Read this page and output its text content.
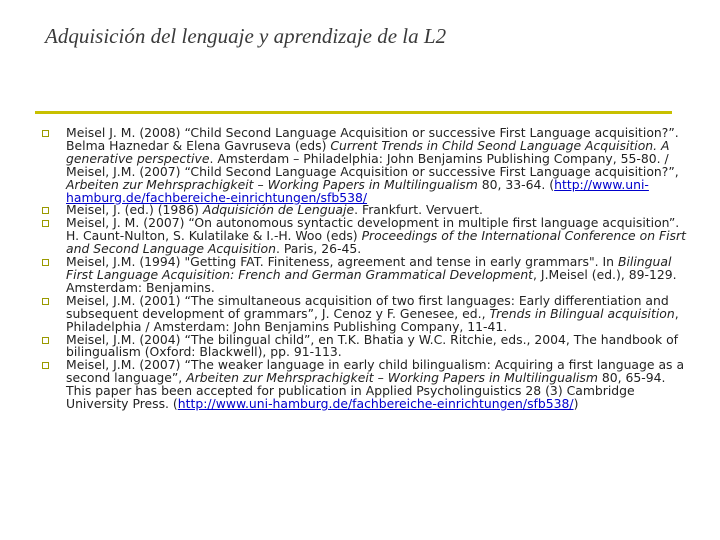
Adquisición del lenguaje y aprendizaje de la L2
Meisel J. M. (2008) “Child Second Language Acquisition or successive First Language acquisition?”. Belma Haznedar & Elena Gavruseva (eds) Current Trends in Child Seond Language Acquisition. A generative perspective. Amsterdam – Philadelphia: John Benjamins Publishing Company, 55-80. / Meisel, J.M. (2007) “Child Second Language Acquisition or successive First Language acquisition?”, Arbeiten zur Mehrsprachigkeit – Working Papers in Multilingualism 80, 33-64. (http://www.uni-hamburg.de/fachbereiche-einrichtungen/sfb538/
Meisel, J. (ed.) (1986) Adquisición de Lenguaje. Frankfurt. Vervuert.
Meisel, J. M. (2007) “On autonomous syntactic development in multiple first language acquisition”. H. Caunt-Nulton, S. Kulatilake & I.-H. Woo (eds) Proceedings of the International Conference on Fisrt and Second Language Acquisition. Paris, 26-45.
Meisel, J.M. (1994) "Getting FAT. Finiteness, agreement and tense in early grammars". In Bilingual First Language Acquisition: French and German Grammatical Development, J.Meisel (ed.), 89-129. Amsterdam: Benjamins.
Meisel, J.M. (2001) “The simultaneous acquisition of two first languages: Early differentiation and subsequent development of grammars”, J. Cenoz y F. Genesee, ed., Trends in Bilingual acquisition, Philadelphia / Amsterdam: John Benjamins Publishing Company, 11-41.
Meisel, J.M. (2004) “The bilingual child”, en T.K. Bhatia y W.C. Ritchie, eds., 2004, The handbook of bilingualism (Oxford: Blackwell), pp. 91-113.
Meisel, J.M. (2007) “The weaker language in early child bilingualism: Acquiring a first language as a second language”, Arbeiten zur Mehrsprachigkeit – Working Papers in Multilingualism 80, 65-94. This paper has been accepted for publication in Applied Psycholinguistics 28 (3) Cambridge University Press. (http://www.uni-hamburg.de/fachbereiche-einrichtungen/sfb538/)
